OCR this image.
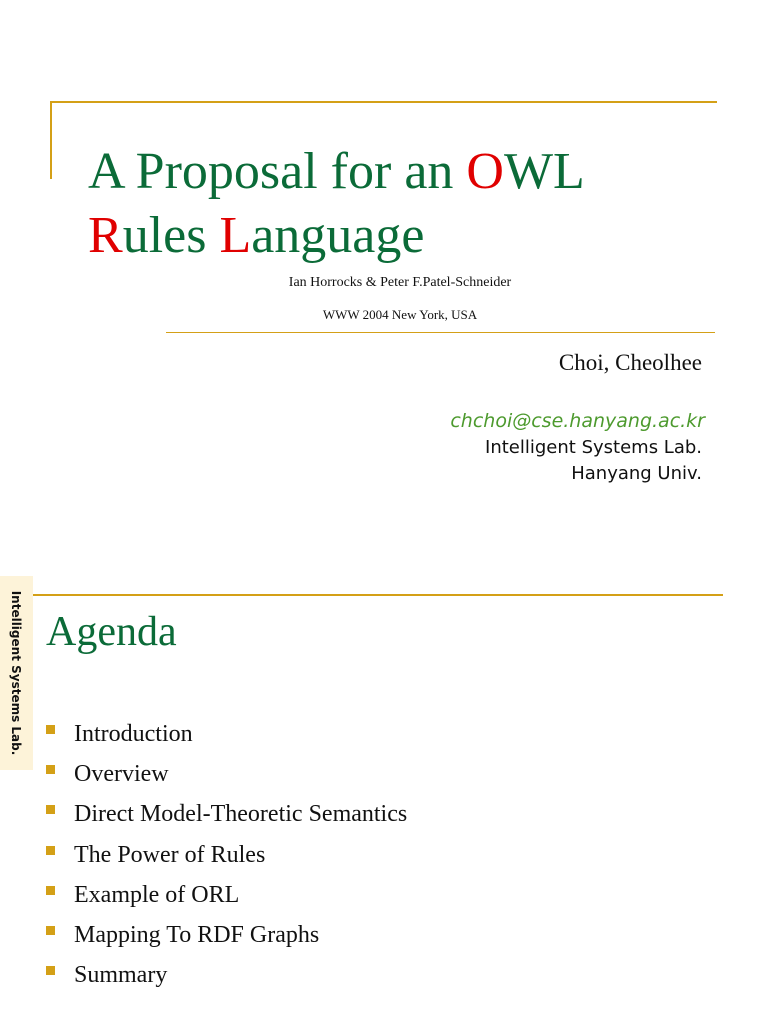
A Proposal for an OWL
Rules Language
Ian Horrocks & Peter F.Patel-Schneider
WWW 2004 New York, USA
Choi, Cheolhee
chchoi@cse.hanyang.ac.kr
Intelligent Systems Lab.
Hanyang Univ.
Intelligent Systems Lab. Agenda
Introduction
Overview
Direct Model-Theoretic Semantics
The Power of Rules
Example of ORL
Mapping To RDF Graphs
Summary
